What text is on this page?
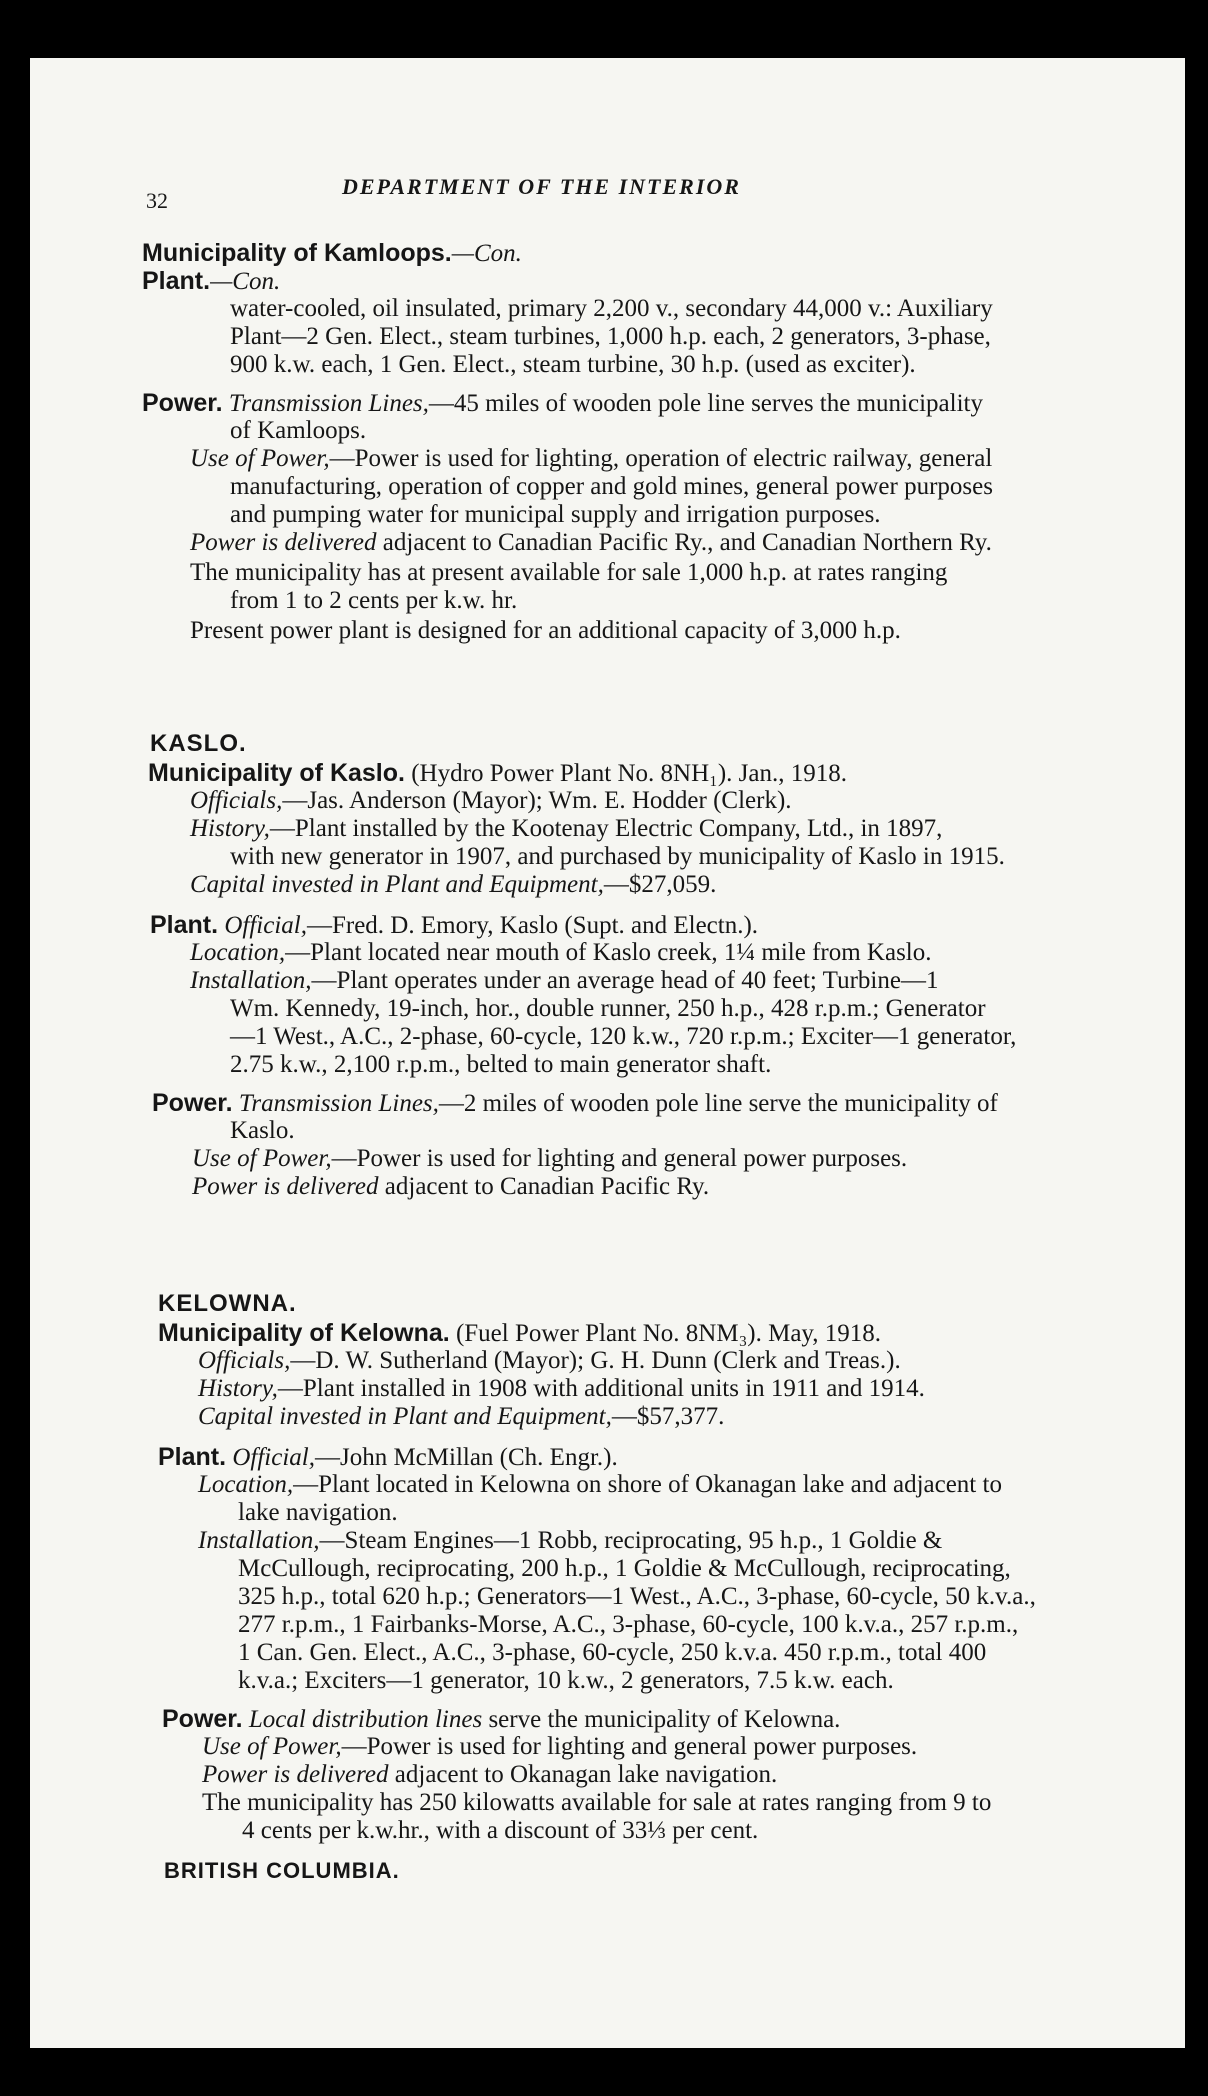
32
DEPARTMENT OF THE INTERIOR
Municipality of Kamloops.—Con.
Plant.—Con.
water-cooled, oil insulated, primary 2,200 v., secondary 44,000 v.: Auxiliary
Plant—2 Gen. Elect., steam turbines, 1,000 h.p. each, 2 generators, 3-phase,
900 k.w. each, 1 Gen. Elect., steam turbine, 30 h.p. (used as exciter).
Power. Transmission Lines,—45 miles of wooden pole line serves the municipality
of Kamloops.
Use of Power,—Power is used for lighting, operation of electric railway, general
manufacturing, operation of copper and gold mines, general power purposes
and pumping water for municipal supply and irrigation purposes.
Power is delivered adjacent to Canadian Pacific Ry., and Canadian Northern Ry.
The municipality has at present available for sale 1,000 h.p. at rates ranging
from 1 to 2 cents per k.w. hr.
Present power plant is designed for an additional capacity of 3,000 h.p.
KASLO.
Municipality of Kaslo. (Hydro Power Plant No. 8NH₁). Jan., 1918.
Officials,—Jas. Anderson (Mayor); Wm. E. Hodder (Clerk).
History,—Plant installed by the Kootenay Electric Company, Ltd., in 1897,
with new generator in 1907, and purchased by municipality of Kaslo in 1915.
Capital invested in Plant and Equipment,—$27,059.
Plant. Official,—Fred. D. Emory, Kaslo (Supt. and Electn.).
Location,—Plant located near mouth of Kaslo creek, 1¼ mile from Kaslo.
Installation,—Plant operates under an average head of 40 feet; Turbine—1
Wm. Kennedy, 19-inch, hor., double runner, 250 h.p., 428 r.p.m.; Generator
—1 West., A.C., 2-phase, 60-cycle, 120 k.w., 720 r.p.m.; Exciter—1 generator,
2.75 k.w., 2,100 r.p.m., belted to main generator shaft.
Power. Transmission Lines,—2 miles of wooden pole line serve the municipality of
Kaslo.
Use of Power,—Power is used for lighting and general power purposes.
Power is delivered adjacent to Canadian Pacific Ry.
KELOWNA.
Municipality of Kelowna. (Fuel Power Plant No. 8NM₃). May, 1918.
Officials,—D. W. Sutherland (Mayor); G. H. Dunn (Clerk and Treas.).
History,—Plant installed in 1908 with additional units in 1911 and 1914.
Capital invested in Plant and Equipment,—$57,377.
Plant. Official,—John McMillan (Ch. Engr.).
Location,—Plant located in Kelowna on shore of Okanagan lake and adjacent to
lake navigation.
Installation,—Steam Engines—1 Robb, reciprocating, 95 h.p., 1 Goldie &
McCullough, reciprocating, 200 h.p., 1 Goldie & McCullough, reciprocating,
325 h.p., total 620 h.p.; Generators—1 West., A.C., 3-phase, 60-cycle, 50 k.v.a.,
277 r.p.m., 1 Fairbanks-Morse, A.C., 3-phase, 60-cycle, 100 k.v.a., 257 r.p.m.,
1 Can. Gen. Elect., A.C., 3-phase, 60-cycle, 250 k.v.a. 450 r.p.m., total 400
k.v.a.; Exciters—1 generator, 10 k.w., 2 generators, 7.5 k.w. each.
Power. Local distribution lines serve the municipality of Kelowna.
Use of Power,—Power is used for lighting and general power purposes.
Power is delivered adjacent to Okanagan lake navigation.
The municipality has 250 kilowatts available for sale at rates ranging from 9 to
4 cents per k.w.hr., with a discount of 33⅓ per cent.
BRITISH COLUMBIA.
